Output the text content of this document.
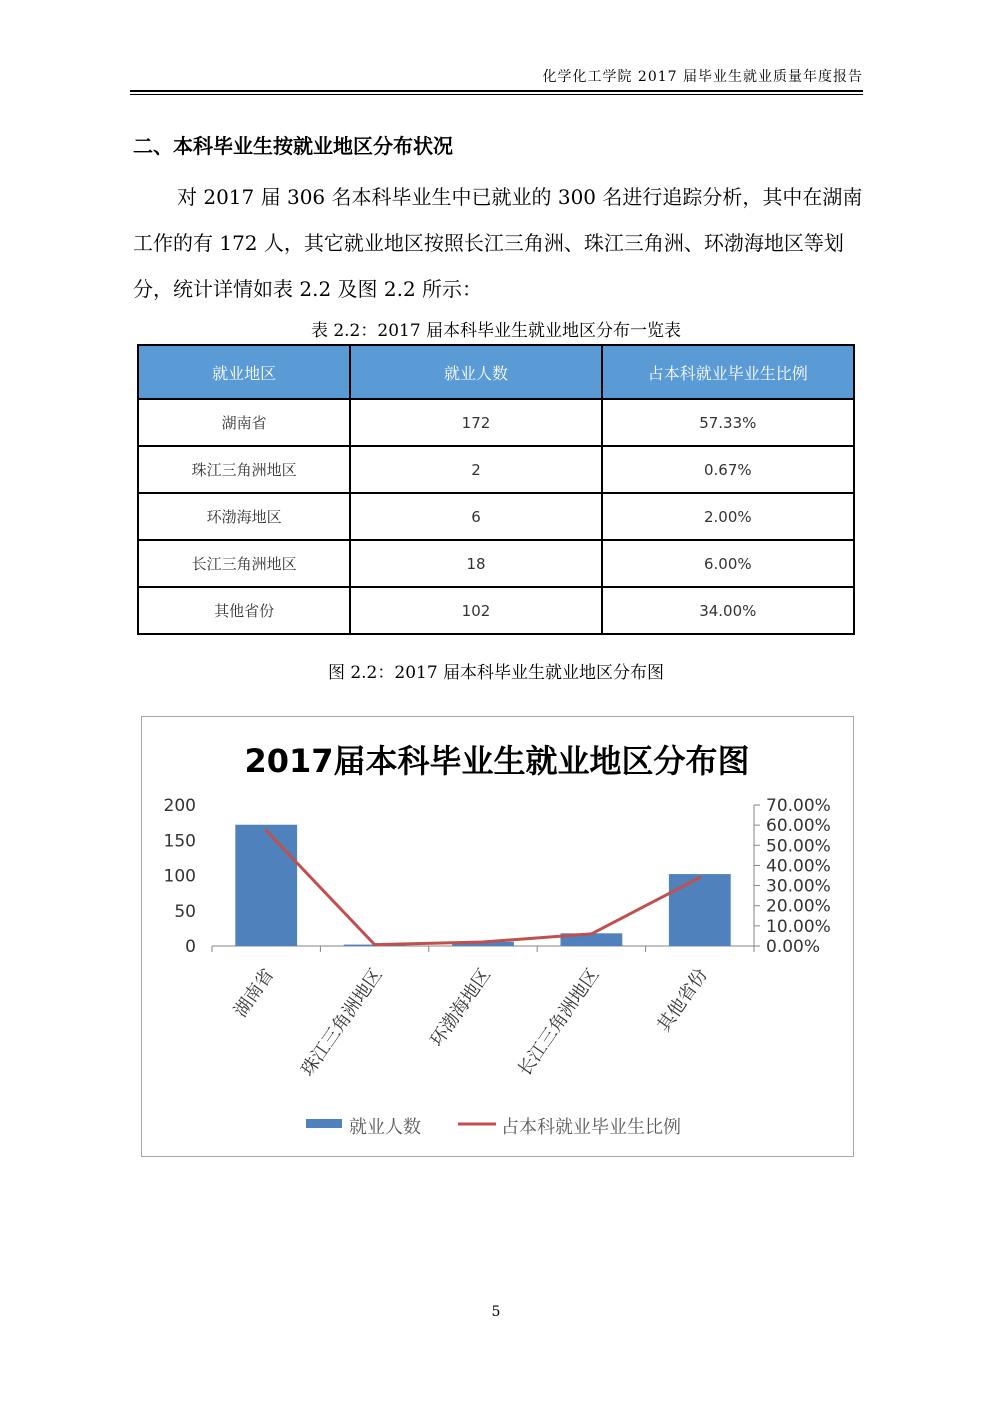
化学化工学院 2017 届毕业生就业质量年度报告
二、本科毕业生按就业地区分布状况
对 2017 届 306 名本科毕业生中已就业的 300 名进行追踪分析，其中在湖南工作的有 172 人，其它就业地区按照长江三角洲、珠江三角洲、环渤海地区等划分，统计详情如表 2.2 及图 2.2 所示：
表 2.2：2017 届本科毕业生就业地区分布一览表
就业地区	就业人数	占本科就业毕业生比例
湖南省	172	57.33%
珠江三角洲地区	2	0.67%
环渤海地区	6	2.00%
长江三角洲地区	18	6.00%
其他省份	102	34.00%
图 2.2：2017 届本科毕业生就业地区分布图
2017届本科毕业生就业地区分布图
0
50
100
150
200
0.00%
10.00%
20.00%
30.00%
40.00%
50.00%
60.00%
70.00%
湖南省 珠江三角洲地区 环渤海地区 长江三角洲地区	其他省份
就业人数	占本科就业毕业生比例
5
